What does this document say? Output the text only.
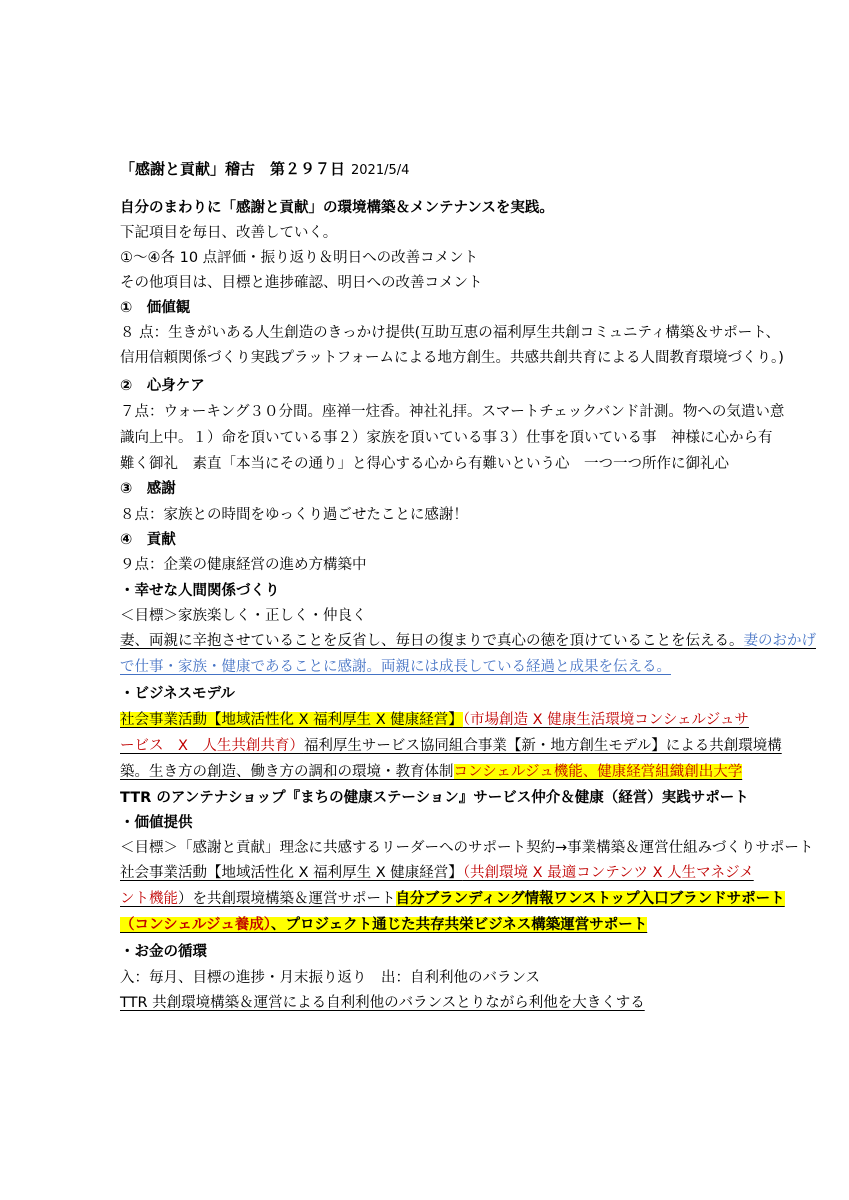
「感謝と貢献」稽古　第２９７日 2021/5/4
自分のまわりに「感謝と貢献」の環境構築＆メンテナンスを実践。
下記項目を毎日、改善していく。
①～④各 10 点評価・振り返り＆明日への改善コメント
その他項目は、目標と進捗確認、明日への改善コメント
①　価値観
８ 点：生きがいある人生創造のきっかけ提供(互助互恵の福利厚生共創コミュニティ構築＆サポート、
信用信頼関係づくり実践プラットフォームによる地方創生。共感共創共育による人間教育環境づくり。)
②　心身ケア
７点：ウォーキング３０分間。座禅一炷香。神社礼拝。スマートチェックバンド計測。物への気遣い意
識向上中。１）命を頂いている事２）家族を頂いている事３）仕事を頂いている事　神様に心から有
難く御礼　素直「本当にその通り」と得心する心から有難いという心　一つ一つ所作に御礼心
③　感謝
８点：家族との時間をゆっくり過ごせたことに感謝！
④　貢献
９点：企業の健康経営の進め方構築中
・幸せな人間関係づくり
＜目標＞家族楽しく・正しく・仲良く
妻、両親に辛抱させていることを反省し、毎日の復まりで真心の徳を頂けていることを伝える。妻のおかげ
で仕事・家族・健康であることに感謝。両親には成長している経過と成果を伝える。
・ビジネスモデル
社会事業活動【地域活性化 X 福利厚生 X 健康経営】（市場創造 X 健康生活環境コンシェルジュサ
ービス　X　人生共創共育）福利厚生サービス協同組合事業【新・地方創生モデル】による共創環境構
築。生き方の創造、働き方の調和の環境・教育体制コンシェルジュ機能、健康経営組織創出大学
TTR のアンテナショップ『まちの健康ステーション』サービス仲介＆健康（経営）実践サポート
・価値提供
＜目標＞「感謝と貢献」理念に共感するリーダーへのサポート契約→事業構築＆運営仕組みづくりサポート
社会事業活動【地域活性化 X 福利厚生 X 健康経営】（共創環境 X 最適コンテンツ X 人生マネジメ
ント機能）を共創環境構築＆運営サポート自分ブランディング情報ワンストップ入口ブランドサポート
（コンシェルジュ養成）、プロジェクト通じた共存共栄ビジネス構築運営サポート
・お金の循環
入：毎月、目標の進捗・月末振り返り　出：自利利他のバランス
TTR 共創環境構築＆運営による自利利他のバランスとりながら利他を大きくする
